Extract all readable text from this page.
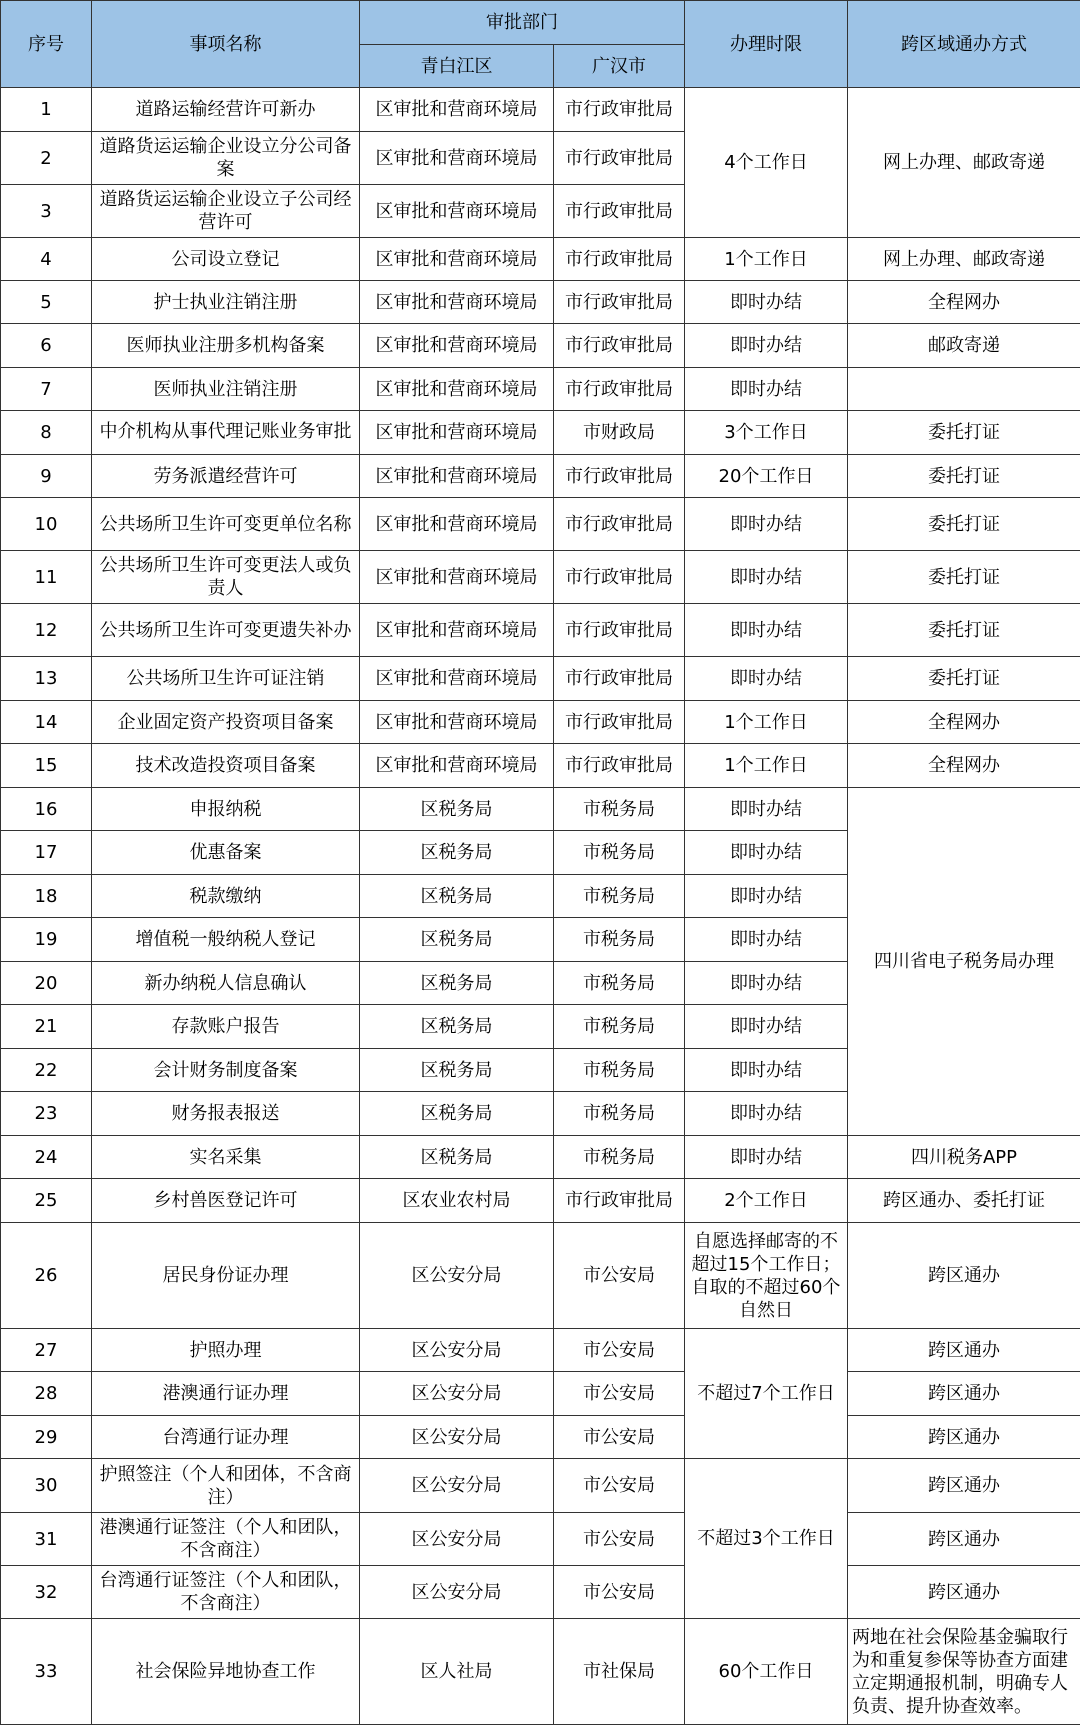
序号	事项名称	审批部门		办理时限	跨区域通办方式
		青白江区	广汉市		
1	道路运输经营许可新办	区审批和营商环境局	市行政审批局	4个工作日	网上办理、邮政寄递
2	道路货运运输企业设立分公司备案	区审批和营商环境局	市行政审批局		
3	道路货运运输企业设立子公司经营许可	区审批和营商环境局	市行政审批局		
4	公司设立登记	区审批和营商环境局	市行政审批局	1个工作日	网上办理、邮政寄递
5	护士执业注销注册	区审批和营商环境局	市行政审批局	即时办结	全程网办
6	医师执业注册多机构备案	区审批和营商环境局	市行政审批局	即时办结	邮政寄递
7	医师执业注销注册	区审批和营商环境局	市行政审批局	即时办结	
8	中介机构从事代理记账业务审批	区审批和营商环境局	市财政局	3个工作日	委托打证
9	劳务派遣经营许可	区审批和营商环境局	市行政审批局	20个工作日	委托打证
10	公共场所卫生许可变更单位名称	区审批和营商环境局	市行政审批局	即时办结	委托打证
11	公共场所卫生许可变更法人或负责人	区审批和营商环境局	市行政审批局	即时办结	委托打证
12	公共场所卫生许可变更遗失补办	区审批和营商环境局	市行政审批局	即时办结	委托打证
13	公共场所卫生许可证注销	区审批和营商环境局	市行政审批局	即时办结	委托打证
14	企业固定资产投资项目备案	区审批和营商环境局	市行政审批局	1个工作日	全程网办
15	技术改造投资项目备案	区审批和营商环境局	市行政审批局	1个工作日	全程网办
16	申报纳税	区税务局	市税务局	即时办结	四川省电子税务局办理
17	优惠备案	区税务局	市税务局	即时办结	
18	税款缴纳	区税务局	市税务局	即时办结	
19	增值税一般纳税人登记	区税务局	市税务局	即时办结	
20	新办纳税人信息确认	区税务局	市税务局	即时办结	
21	存款账户报告	区税务局	市税务局	即时办结	
22	会计财务制度备案	区税务局	市税务局	即时办结	
23	财务报表报送	区税务局	市税务局	即时办结	
24	实名采集	区税务局	市税务局	即时办结	四川税务APP
25	乡村兽医登记许可	区农业农村局	市行政审批局	2个工作日	跨区通办、委托打证
26	居民身份证办理	区公安分局	市公安局	自愿选择邮寄的不超过15个工作日；自取的不超过60个自然日	跨区通办
27	护照办理	区公安分局	市公安局	不超过7个工作日	跨区通办
28	港澳通行证办理	区公安分局	市公安局		跨区通办
29	台湾通行证办理	区公安分局	市公安局		跨区通办
30	护照签注（个人和团体，不含商注）	区公安分局	市公安局	不超过3个工作日	跨区通办
31	港澳通行证签注（个人和团队，不含商注）	区公安分局	市公安局		跨区通办
32	台湾通行证签注（个人和团队，不含商注）	区公安分局	市公安局		跨区通办
33	社会保险异地协查工作	区人社局	市社保局	60个工作日	两地在社会保险基金骗取行为和重复参保等协查方面建立定期通报机制，明确专人负责、提升协查效率。
